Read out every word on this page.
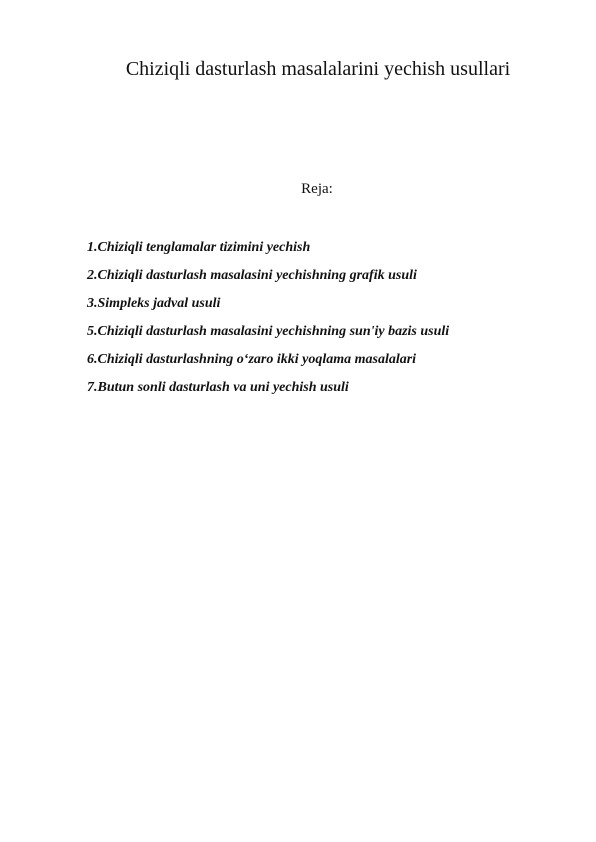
Chiziqli dasturlash masalalarini yechish usullari
Reja:
1.Chiziqli tenglamalar tizimini yechish
2.Chiziqli dasturlash masalasini yechishning grafik usuli
3.Simpleks jadval usuli
5.Chiziqli dasturlash masalasini yechishning sun'iy bazis usuli
6.Chiziqli dasturlashning o‘zaro ikki yoqlama masalalari
7.Butun sonli dasturlash va uni yechish usuli
